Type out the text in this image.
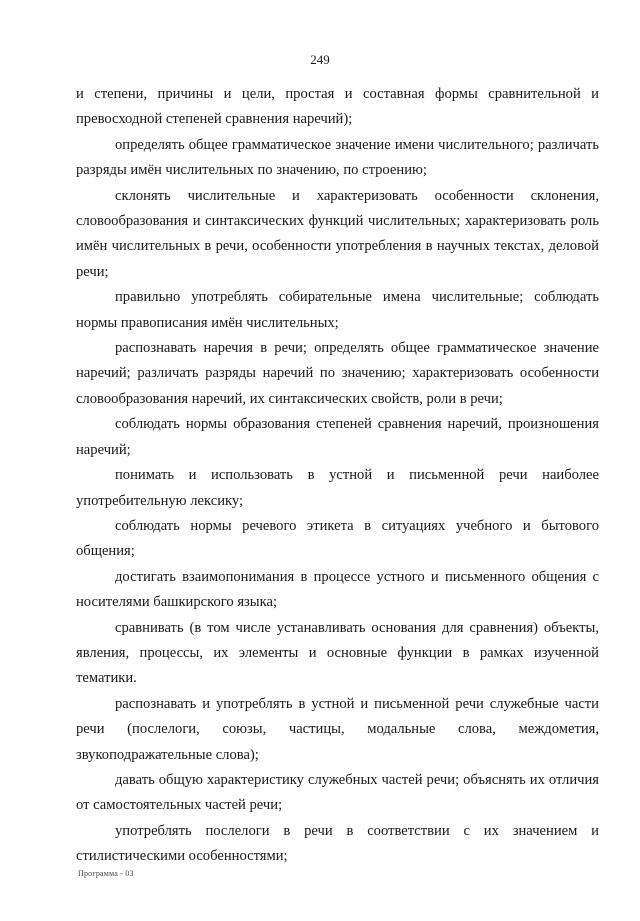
249

и степени, причины и цели, простая и составная формы сравнительной и превосходной степеней сравнения наречий);

определять общее грамматическое значение имени числительного; различать разряды имён числительных по значению, по строению;

склонять числительные и характеризовать особенности склонения, словообразования и синтаксических функций числительных; характеризовать роль имён числительных в речи, особенности употребления в научных текстах, деловой речи;

правильно употреблять собирательные имена числительные; соблюдать нормы правописания имён числительных;

распознавать наречия в речи; определять общее грамматическое значение наречий; различать разряды наречий по значению; характеризовать особенности словообразования наречий, их синтаксических свойств, роли в речи;

соблюдать нормы образования степеней сравнения наречий, произношения наречий;

понимать и использовать в устной и письменной речи наиболее употребительную лексику;

соблюдать нормы речевого этикета в ситуациях учебного и бытового общения;

достигать взаимопонимания в процессе устного и письменного общения с носителями башкирского языка;

сравнивать (в том числе устанавливать основания для сравнения) объекты, явления, процессы, их элементы и основные функции в рамках изученной тематики.

распознавать и употреблять в устной и письменной речи служебные части речи (послелоги, союзы, частицы, модальные слова, междометия, звукоподражательные слова);

давать общую характеристику служебных частей речи; объяснять их отличия от самостоятельных частей речи;

употреблять послелоги в речи в соответствии с их значением и стилистическими особенностями;

Программа - 03
